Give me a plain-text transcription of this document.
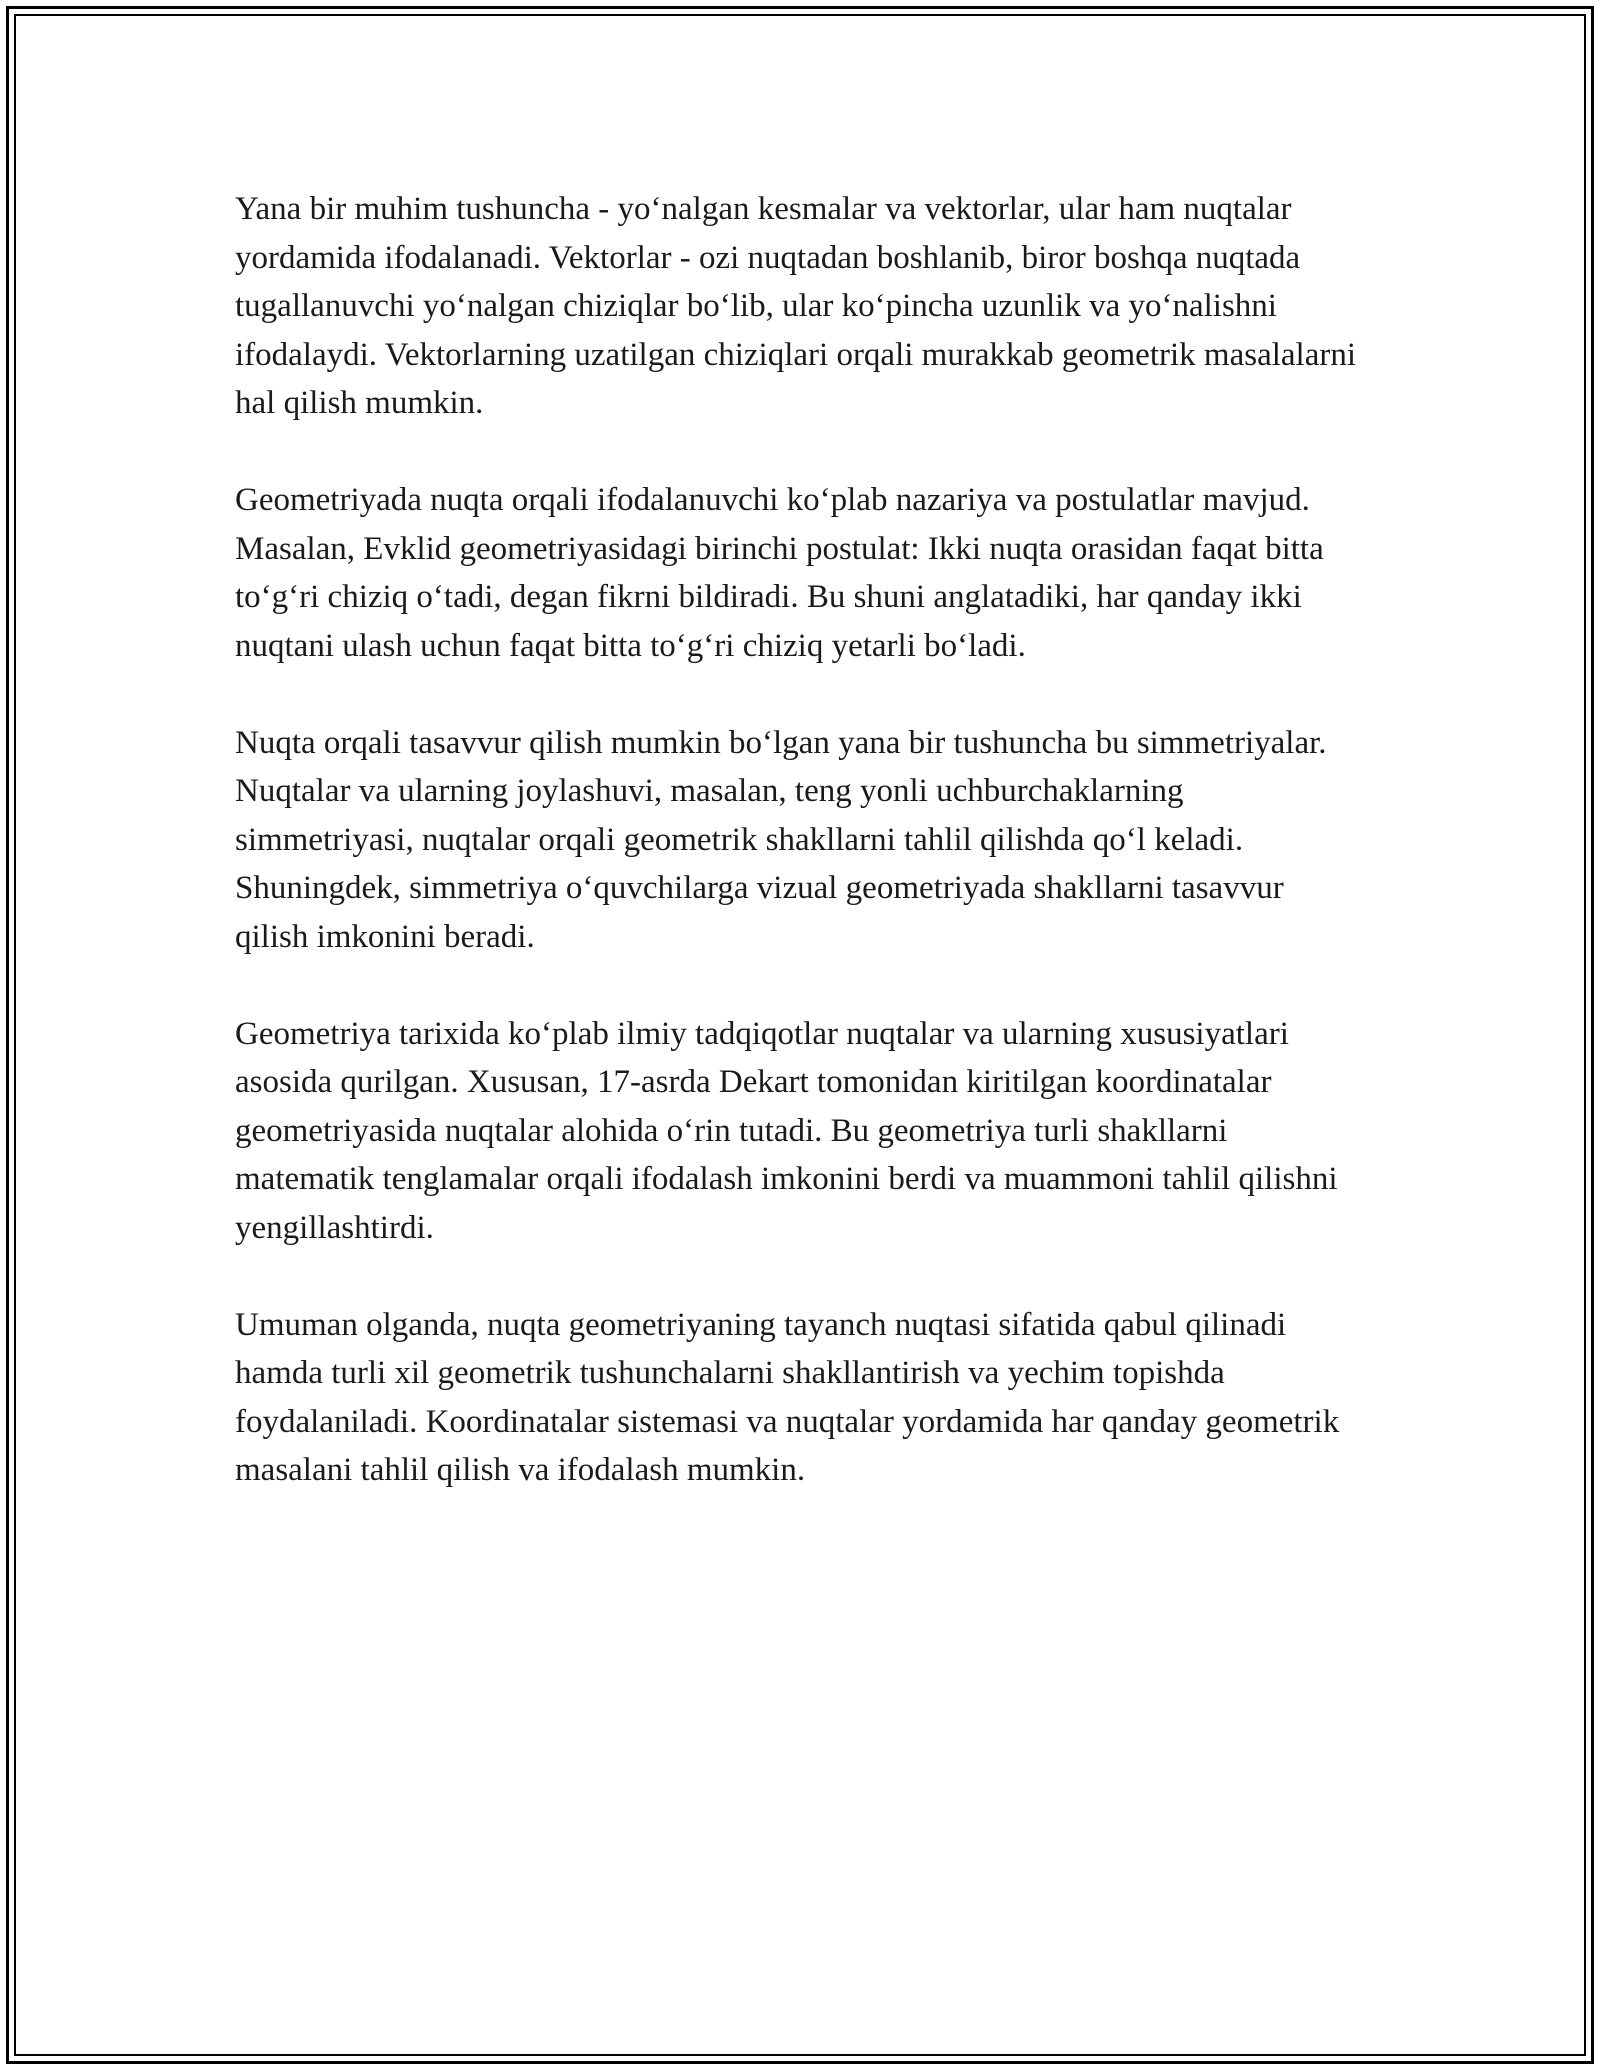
Yana bir muhim tushuncha - yo‘nalgan kesmalar va vektorlar, ular ham nuqtalar yordamida ifodalanadi. Vektorlar - ozi nuqtadan boshlanib, biror boshqa nuqtada tugallanuvchi yo‘nalgan chiziqlar bo‘lib, ular ko‘pincha uzunlik va yo‘nalishni ifodalaydi. Vektorlarning uzatilgan chiziqlari orqali murakkab geometrik masalalarni hal qilish mumkin.

Geometriyada nuqta orqali ifodalanuvchi ko‘plab nazariya va postulatlar mavjud. Masalan, Evklid geometriyasidagi birinchi postulat: Ikki nuqta orasidan faqat bitta to‘g‘ri chiziq o‘tadi, degan fikrni bildiradi. Bu shuni anglatadiki, har qanday ikki nuqtani ulash uchun faqat bitta to‘g‘ri chiziq yetarli bo‘ladi.

Nuqta orqali tasavvur qilish mumkin bo‘lgan yana bir tushuncha bu simmetriyalar. Nuqtalar va ularning joylashuvi, masalan, teng yonli uchburchaklarning simmetriyasi, nuqtalar orqali geometrik shakllarni tahlil qilishda qo‘l keladi. Shuningdek, simmetriya o‘quvchilarga vizual geometriyada shakllarni tasavvur qilish imkonini beradi.

Geometriya tarixida ko‘plab ilmiy tadqiqotlar nuqtalar va ularning xususiyatlari asosida qurilgan. Xususan, 17-asrda Dekart tomonidan kiritilgan koordinatalar geometriyasida nuqtalar alohida o‘rin tutadi. Bu geometriya turli shakllarni matematik tenglamalar orqali ifodalash imkonini berdi va muammoni tahlil qilishni yengillashtirdi.

Umuman olganda, nuqta geometriyaning tayanch nuqtasi sifatida qabul qilinadi hamda turli xil geometrik tushunchalarni shakllantirish va yechim topishda foydalaniladi. Koordinatalar sistemasi va nuqtalar yordamida har qanday geometrik masalani tahlil qilish va ifodalash mumkin.
